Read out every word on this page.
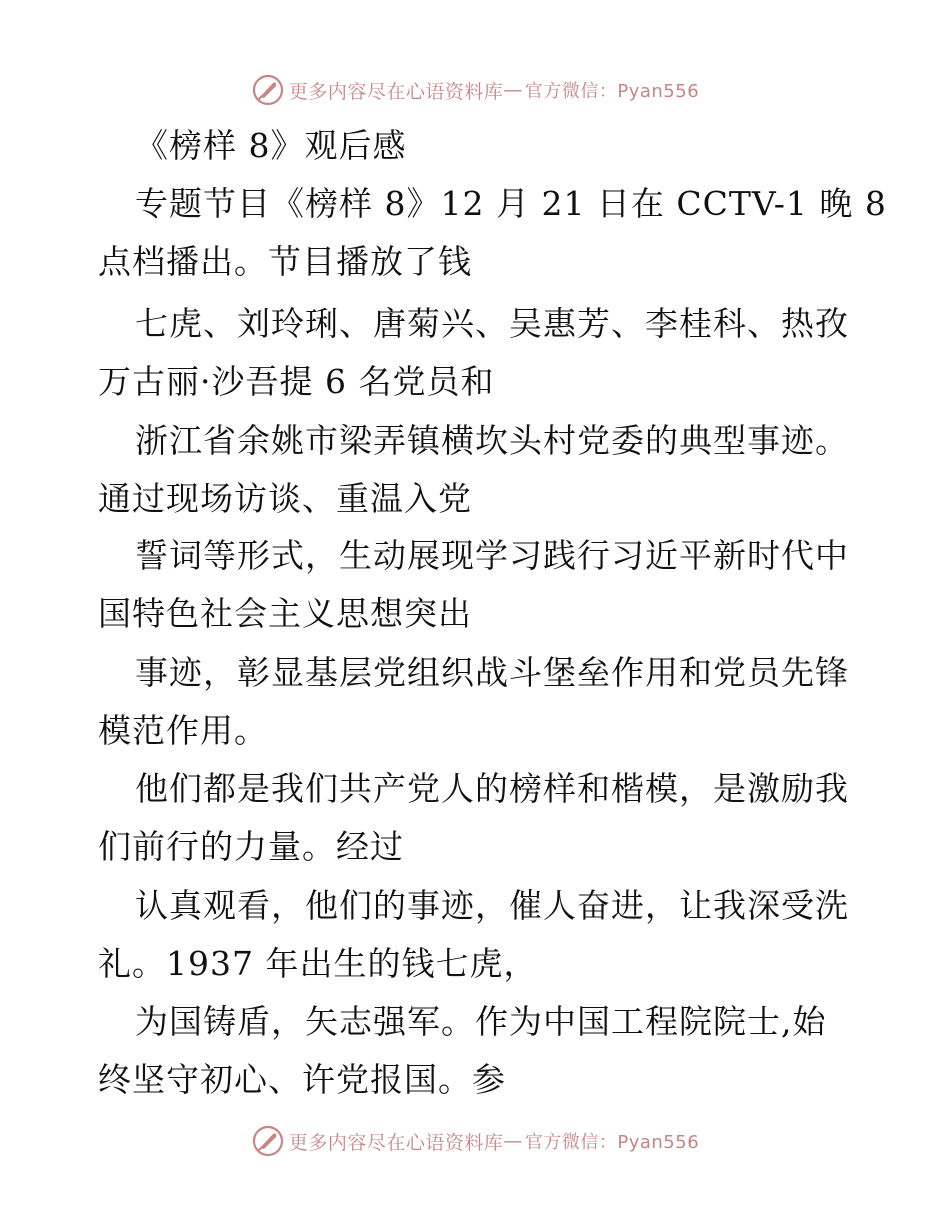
更多内容尽在心语资料库 — 官方微信：Pyan556
《榜样 8》观后感
专题节目《榜样 8》12 月 21 日在 CCTV-1 晚 8
点档播出。节目播放了钱
七虎、刘玲琍、唐菊兴、吴惠芳、李桂科、热孜
万古丽·沙吾提 6 名党员和
浙江省余姚市梁弄镇横坎头村党委的典型事迹。
通过现场访谈、重温入党
誓词等形式，生动展现学习践行习近平新时代中
国特色社会主义思想突出
事迹，彰显基层党组织战斗堡垒作用和党员先锋
模范作用。
他们都是我们共产党人的榜样和楷模，是激励我
们前行的力量。经过
认真观看，他们的事迹，催人奋进，让我深受洗
礼。1937 年出生的钱七虎，
为国铸盾，矢志强军。作为中国工程院院士,始
终坚守初心、许党报国。参
更多内容尽在心语资料库 — 官方微信：Pyan556
